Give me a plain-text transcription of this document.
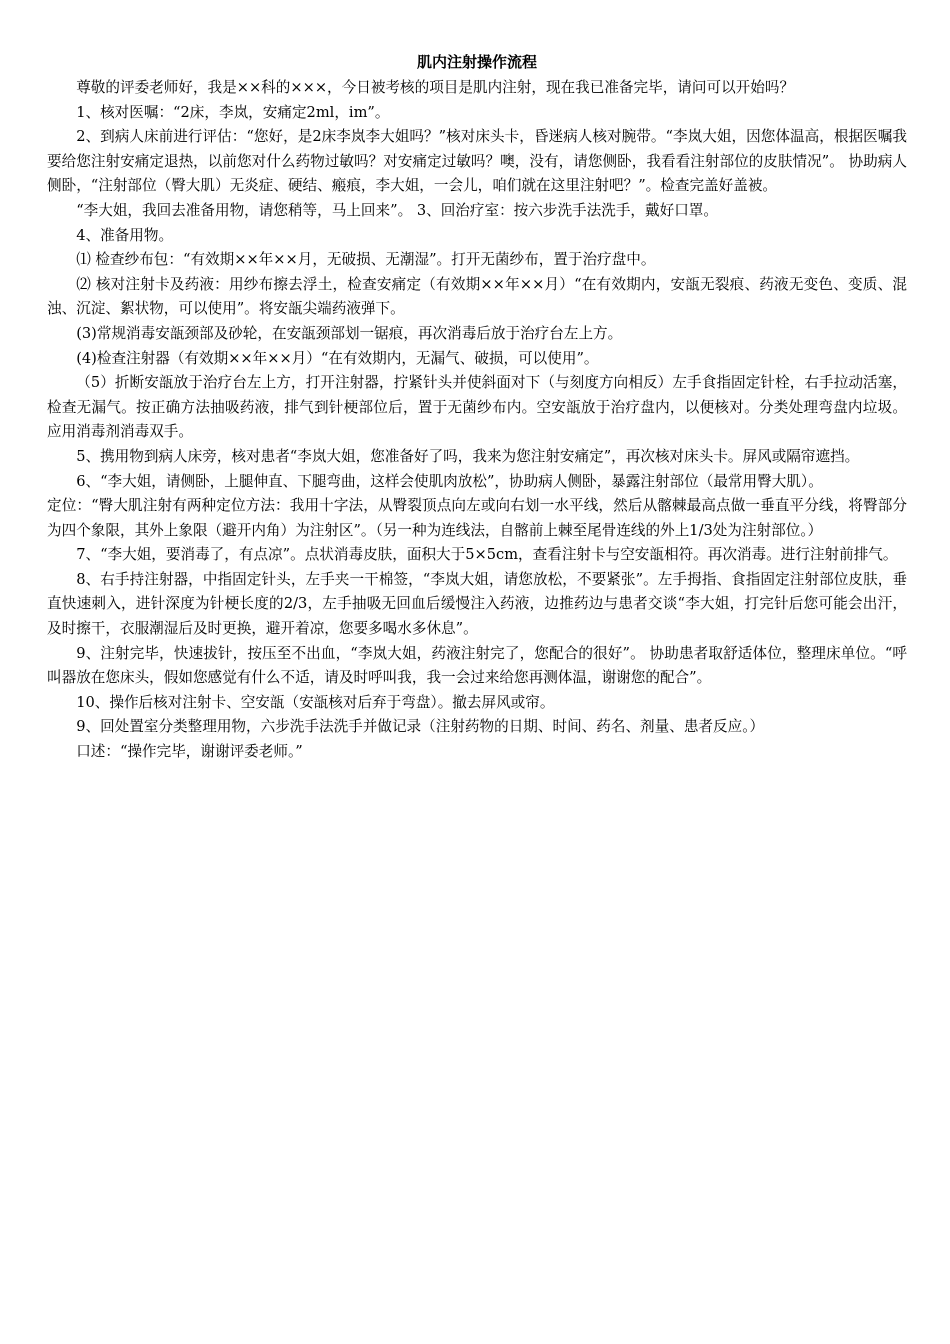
肌内注射操作流程

尊敬的评委老师好，我是××科的×××，今日被考核的项目是肌内注射，现在我已准备完毕，请问可以开始吗？

1、核对医嘱：“2床，李岚，安痛定2ml，im”。

2、到病人床前进行评估：“您好，是2床李岚李大姐吗？”核对床头卡，昏迷病人核对腕带。“李岚大姐，因您体温高，根据医嘱我要给您注射安痛定退热，以前您对什么药物过敏吗？对安痛定过敏吗？噢，没有，请您侧卧，我看看注射部位的皮肤情况”。 协助病人侧卧，“注射部位（臀大肌）无炎症、硬结、瘢痕，李大姐，一会儿，咱们就在这里注射吧？”。检查完盖好盖被。

“李大姐，我回去准备用物，请您稍等，马上回来”。 3、回治疗室：按六步洗手法洗手，戴好口罩。

4、准备用物。

⑴ 检查纱布包：“有效期××年××月，无破损、无潮湿”。打开无菌纱布，置于治疗盘中。

⑵ 核对注射卡及药液：用纱布擦去浮土，检查安痛定（有效期××年××月）“在有效期内，安瓿无裂痕、药液无变色、变质、混浊、沉淀、絮状物，可以使用”。将安瓿尖端药液弹下。

(3)常规消毒安瓿颈部及砂轮，在安瓿颈部划一锯痕，再次消毒后放于治疗台左上方。

(4)检查注射器（有效期××年××月）“在有效期内，无漏气、破损，可以使用”。

（5）折断安瓿放于治疗台左上方，打开注射器，拧紧针头并使斜面对下（与刻度方向相反）左手食指固定针栓，右手拉动活塞，检查无漏气。按正确方法抽吸药液，排气到针梗部位后，置于无菌纱布内。空安瓿放于治疗盘内，以便核对。分类处理弯盘内垃圾。应用消毒剂消毒双手。

5、携用物到病人床旁，核对患者“李岚大姐，您准备好了吗，我来为您注射安痛定”，再次核对床头卡。屏风或隔帘遮挡。

6、“李大姐，请侧卧，上腿伸直、下腿弯曲，这样会使肌肉放松”，协助病人侧卧，暴露注射部位（最常用臀大肌）。

定位：“臀大肌注射有两种定位方法：我用十字法，从臀裂顶点向左或向右划一水平线，然后从髂棘最高点做一垂直平分线，将臀部分为四个象限，其外上象限（避开内角）为注射区”。（另一种为连线法，自髂前上棘至尾骨连线的外上1/3处为注射部位。）

7、“李大姐，要消毒了，有点凉”。点状消毒皮肤，面积大于5×5cm，查看注射卡与空安瓿相符。再次消毒。进行注射前排气。

8、右手持注射器，中指固定针头，左手夹一干棉签，“李岚大姐，请您放松，不要紧张”。左手拇指、食指固定注射部位皮肤，垂直快速刺入，进针深度为针梗长度的2/3，左手抽吸无回血后缓慢注入药液，边推药边与患者交谈“李大姐，打完针后您可能会出汗，及时擦干，衣服潮湿后及时更换，避开着凉，您要多喝水多休息”。

9、注射完毕，快速拔针，按压至不出血，“李岚大姐，药液注射完了，您配合的很好”。 协助患者取舒适体位，整理床单位。“呼叫器放在您床头，假如您感觉有什么不适，请及时呼叫我，我一会过来给您再测体温，谢谢您的配合”。

10、操作后核对注射卡、空安瓿（安瓿核对后弃于弯盘）。撤去屏风或帘。

9、回处置室分类整理用物，六步洗手法洗手并做记录（注射药物的日期、时间、药名、剂量、患者反应。）

口述：“操作完毕，谢谢评委老师。”
